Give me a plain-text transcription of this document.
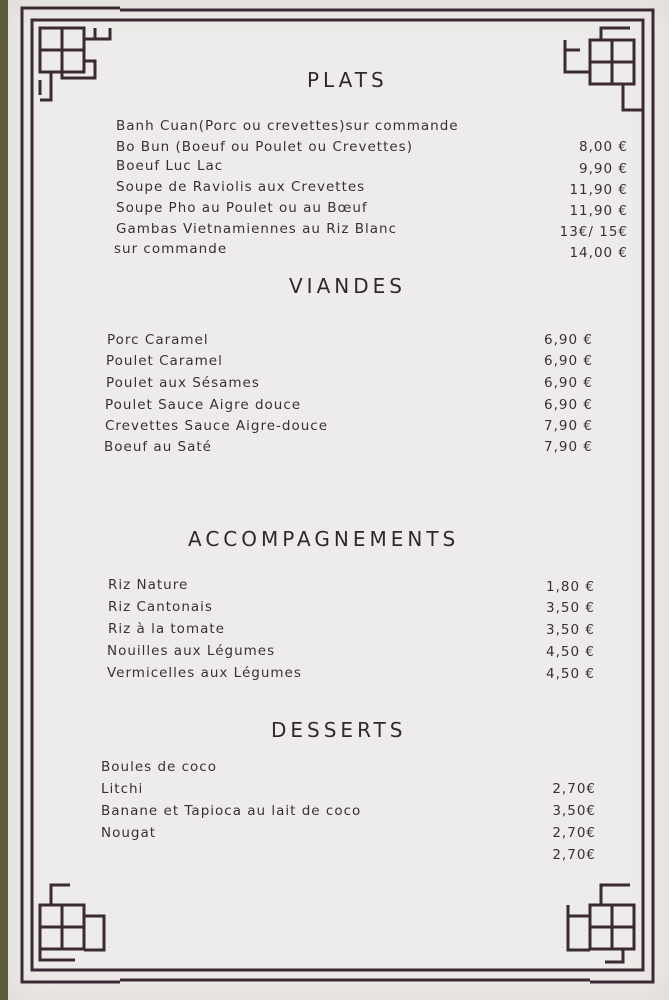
PLATS
Banh Cuan(Porc ou crevettes)sur commande
Bo Bun (Boeuf ou Poulet ou Crevettes)	8,00 €
Boeuf Luc Lac	9,90 €
Soupe de Raviolis aux Crevettes	11,90 €
Soupe Pho au Poulet ou au Bœuf	11,90 €
Gambas Vietnamiennes au Riz Blanc	13€/ 15€
sur commande	14,00 €
VIANDES
Porc Caramel	6,90 €
Poulet Caramel	6,90 €
Poulet aux Sésames	6,90 €
Poulet Sauce Aigre douce	6,90 €
Crevettes Sauce Aigre-douce	7,90 €
Boeuf au Saté	7,90 €
ACCOMPAGNEMENTS
Riz Nature	1,80 €
Riz Cantonais	3,50 €
Riz à la tomate	3,50 €
Nouilles aux Légumes	4,50 €
Vermicelles aux Légumes	4,50 €
DESSERTS
Boules de coco
Litchi	2,70€
Banane et Tapioca au lait de coco	3,50€
Nougat	2,70€
2,70€
